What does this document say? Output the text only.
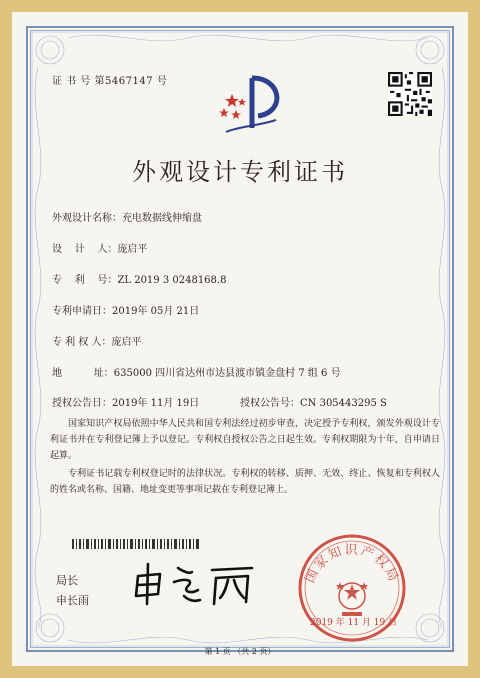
证 书 号 第5467147 号
外观设计专利证书
外观设计名称：充电数据线伸缩盘
设    计    人：庞启平
专    利    号：ZL 2019 3 0248168.8
专利申请日：2019年 05月 21日
专 利 权 人：庞启平
地          址：635000 四川省达州市达县渡市镇金盘村 7 组 6 号
授权公告日：2019年 11月 19日	授权公告号：CN 305443295 S
国家知识产权局依照中华人民共和国专利法经过初步审查，决定授予专利权，颁发外观设计专利证书并在专利登记簿上予以登记。专利权自授权公告之日起生效。专利权期限为十年，自申请日起算。
专利证书记载专利权登记时的法律状况。专利权的转移、质押、无效、终止、恢复和专利权人的姓名或名称、国籍、地址变更等事项记载在专利登记簿上。
局长
申长雨
国家知识产权局
2019 年 11 月 19 日
第 1 页 （共 2 页）
